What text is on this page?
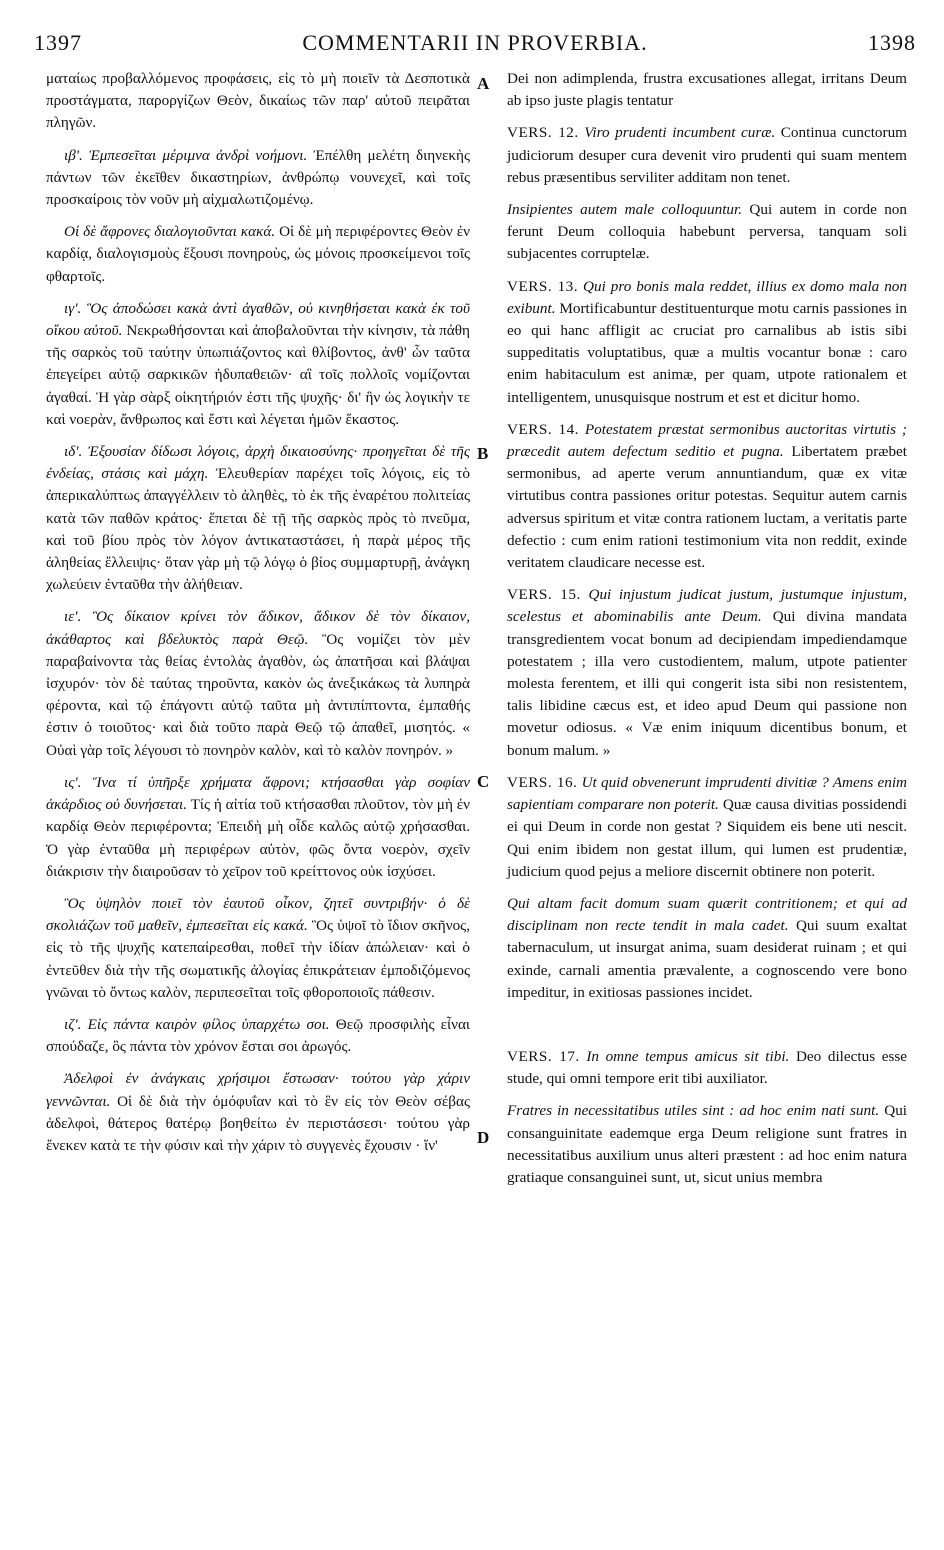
1397	COMMENTARII IN PROVERBIA.	1398
A
B
C
D

ματαίως προβαλλόμενος προφάσεις, εἰς τὸ μὴ ποιεῖν τὰ Δεσποτικὰ προστάγματα, παροργίζων Θεὸν, δικαίως τῶν παρ' αὐτοῦ πειρᾶται πληγῶν.

ιβ'. Ἐμπεσεῖται μέριμνα ἀνδρὶ νοήμονι. Ἐπέλθη μελέτη διηνεκὴς πάντων τῶν ἐκεῖθεν δικαστηρίων, ἀνθρώπῳ νουνεχεῖ, καὶ τοῖς προσκαίροις τὸν νοῦν μὴ αἰχμαλωτιζομένῳ.

Οἱ δὲ ἄφρονες διαλογιοῦνται κακά. Οἱ δὲ μὴ περιφέροντες Θεὸν ἐν καρδίᾳ, διαλογισμοὺς ἕξουσι πονηροὺς, ὡς μόνοις προσκείμενοι τοῖς φθαρτοῖς.

ιγ'. Ὃς ἀποδώσει κακὰ ἀντὶ ἀγαθῶν, οὐ κινηθήσεται κακὰ ἐκ τοῦ οἴκου αὐτοῦ. Νεκρωθήσονται καὶ ἀποβαλοῦνται τὴν κίνησιν, τὰ πάθη τῆς σαρκὸς τοῦ ταύτην ὑπωπιάζοντος καὶ θλίβοντος, ἀνθ' ὧν ταῦτα ἐπεγείρει αὐτῷ σαρκικῶν ἡδυπαθειῶν· αἳ τοῖς πολλοῖς νομίζονται ἀγαθαί. Ἡ γὰρ σὰρξ οἰκητήριόν ἐστι τῆς ψυχῆς· δι' ἣν ὡς λογικὴν τε καὶ νοερὰν, ἄνθρωπος καὶ ἔστι καὶ λέγεται ἡμῶν ἕκαστος.

ιδ'. Ἐξουσίαν δίδωσι λόγοις, ἀρχὴ δικαιοσύνης· προηγεῖται δὲ τῆς ἐνδείας, στάσις καὶ μάχη. Ἐλευθερίαν παρέχει τοῖς λόγοις, εἰς τὸ ἀπερικαλύπτως ἀπαγγέλλειν τὸ ἀληθὲς, τὸ ἐκ τῆς ἐναρέτου πολιτείας κατὰ τῶν παθῶν κράτος· ἕπεται δὲ τῇ τῆς σαρκὸς πρὸς τὸ πνεῦμα, καὶ τοῦ βίου πρὸς τὸν λόγον ἀντικαταστάσει, ἡ παρὰ μέρος τῆς ἀληθείας ἔλλειψις· ὅταν γὰρ μὴ τῷ λόγῳ ὁ βίος συμμαρτυρῇ, ἀνάγκη χωλεύειν ἐνταῦθα τὴν ἀλήθειαν.

ιε'. Ὃς δίκαιον κρίνει τὸν ἄδικον, ἄδικον δὲ τὸν δίκαιον, ἀκάθαρτος καὶ βδελυκτὸς παρὰ Θεῷ. Ὃς νομίζει τὸν μὲν παραβαίνοντα τὰς θείας ἐντολὰς ἀγαθὸν, ὡς ἀπατῆσαι καὶ βλάψαι ἰσχυρόν· τὸν δὲ ταύτας τηροῦντα, κακὸν ὡς ἀνεξικάκως τὰ λυπηρὰ φέροντα, καὶ τῷ ἐπάγοντι αὐτῷ ταῦτα μὴ ἀντιπίπτοντα, ἐμπαθής ἐστιν ὁ τοιοῦτος· καὶ διὰ τοῦτο παρὰ Θεῷ τῷ ἀπαθεῖ, μισητός. « Οὐαὶ γὰρ τοῖς λέγουσι τὸ πονηρὸν καλὸν, καὶ τὸ καλὸν πονηρόν. »

ις'. Ἵνα τί ὑπῆρξε χρήματα ἄφρονι; κτήσασθαι γὰρ σοφίαν ἀκάρδιος οὐ δυνήσεται. Τίς ἡ αἰτία τοῦ κτήσασθαι πλοῦτον, τὸν μὴ ἐν καρδίᾳ Θεὸν περιφέροντα; Ἐπειδὴ μὴ οἶδε καλῶς αὐτῷ χρήσασθαι. Ὁ γὰρ ἐνταῦθα μὴ περιφέρων αὐτὸν, φῶς ὄντα νοερὸν, σχεῖν διάκρισιν τὴν διαιροῦσαν τὸ χεῖρον τοῦ κρείττονος οὐκ ἰσχύσει.

Ὃς ὑψηλὸν ποιεῖ τὸν ἑαυτοῦ οἶκον, ζητεῖ συντριβήν· ὁ δὲ σκολιάζων τοῦ μαθεῖν, ἐμπεσεῖται εἰς κακά. Ὃς ὑψοῖ τὸ ἴδιον σκῆνος, εἰς τὸ τῆς ψυχῆς κατεπαίρεσθαι, ποθεῖ τὴν ἰδίαν ἀπώλειαν· καὶ ὁ ἐντεῦθεν διὰ τὴν τῆς σωματικῆς ἀλογίας ἐπικράτειαν ἐμποδιζόμενος γνῶναι τὸ ὄντως καλὸν, περιπεσεῖται τοῖς φθοροποιοῖς πάθεσιν.

ιζ'. Εἰς πάντα καιρὸν φίλος ὑπαρχέτω σοι. Θεῷ προσφιλὴς εἶναι σπούδαζε, ὃς πάντα τὸν χρόνον ἔσται σοι ἀρωγός.

Ἀδελφοὶ ἐν ἀνάγκαις χρήσιμοι ἔστωσαν· τούτου γὰρ χάριν γεννῶνται. Οἱ δὲ διὰ τὴν ὁμόφυΐαν καὶ τὸ ἓν εἰς τὸν Θεὸν σέβας ἀδελφοὶ, θάτερος θατέρῳ βοηθείτω ἐν περιστάσεσι· τούτου γὰρ ἕνεκεν κατὰ τε τὴν φύσιν καὶ τὴν χάριν τὸ συγγενὲς ἔχουσιν · ἵν'

Dei non adimplenda, frustra excusationes allegat, irritans Deum ab ipso juste plagis tentatur

VERS. 12. Viro prudenti incumbent curæ. Continua cunctorum judiciorum desuper cura devenit viro prudenti qui suam mentem rebus præsentibus serviliter additam non tenet.

Insipientes autem male colloquuntur. Qui autem in corde non ferunt Deum colloquia habebunt perversa, tanquam soli subjacentes corruptelæ.

VERS. 13. Qui pro bonis mala reddet, illius ex domo mala non exibunt. Mortificabuntur destituenturque motu carnis passiones in eo qui hanc affligit ac cruciat pro carnalibus ab istis sibi suppeditatis voluptatibus, quæ a multis vocantur bonæ : caro enim habitaculum est animæ, per quam, utpote rationalem et intelligentem, unusquisque nostrum et est et dicitur homo.

VERS. 14. Potestatem præstat sermonibus auctoritas virtutis ; præcedit autem defectum seditio et pugna. Libertatem præbet sermonibus, ad aperte verum annuntiandum, quæ ex vitæ virtutibus contra passiones oritur potestas. Sequitur autem carnis adversus spiritum et vitæ contra rationem luctam, a veritatis parte defectio : cum enim rationi testimonium vita non reddit, exinde veritatem claudicare necesse est.

VERS. 15. Qui injustum judicat justum, justumque injustum, scelestus et abominabilis ante Deum. Qui divina mandata transgredientem vocat bonum ad decipiendam impediendamque potestatem ; illa vero custodientem, malum, utpote patienter molesta ferentem, et illi qui congerit ista sibi non resistentem, talis libidine cæcus est, et ideo apud Deum qui passione non movetur odiosus. « Væ enim iniquum dicentibus bonum, et bonum malum. »

VERS. 16. Ut quid obvenerunt imprudenti divitiæ ? Amens enim sapientiam comparare non poterit. Quæ causa divitias possidendi ei qui Deum in corde non gestat ? Siquidem eis bene uti nescit. Qui enim ibidem non gestat illum, qui lumen est prudentiæ, judicium quod pejus a meliore discernit obtinere non poterit.

Qui altam facit domum suam quærit contritionem; et qui ad disciplinam non recte tendit in mala cadet. Qui suum exaltat tabernaculum, ut insurgat anima, suam desiderat ruinam ; et qui exinde, carnali amentia prævalente, a cognoscendo vere bono impeditur, in exitiosas passiones incidet.

VERS. 17. In omne tempus amicus sit tibi. Deo dilectus esse stude, qui omni tempore erit tibi auxiliator.

Fratres in necessitatibus utiles sint : ad hoc enim nati sunt. Qui consanguinitate eademque erga Deum religione sunt fratres in necessitatibus auxilium unus alteri præstent : ad hoc enim natura gratiaque consanguinei sunt, ut, sicut unius membra
